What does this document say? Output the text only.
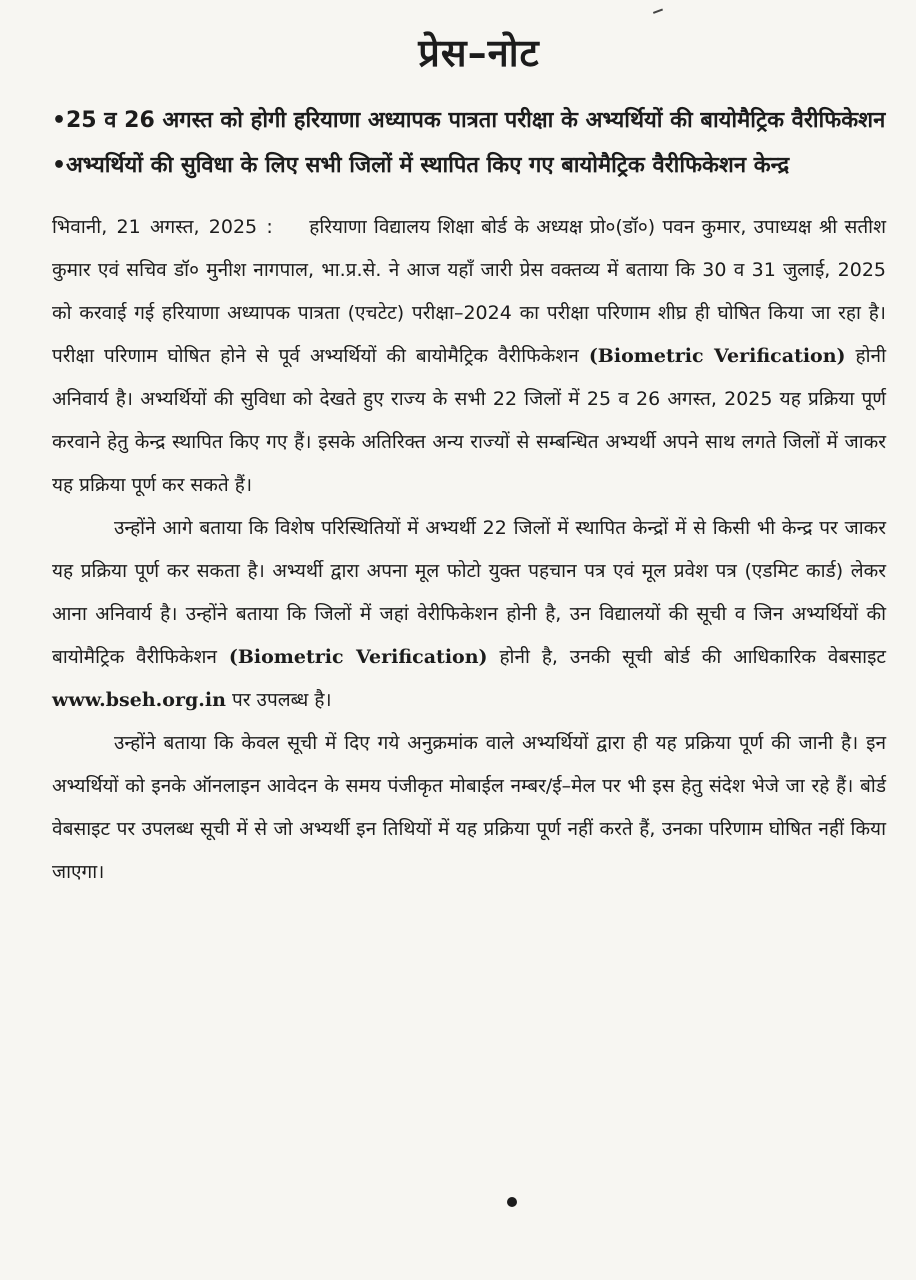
प्रेस–नोट

• 25 व 26 अगस्त को होगी हरियाणा अध्यापक पात्रता परीक्षा के अभ्यर्थियों की बायोमैट्रिक वैरीफिकेशन

• अभ्यर्थियों की सुविधा के लिए सभी जिलों में स्थापित किए गए बायोमैट्रिक वैरीफिकेशन केन्द्र

भिवानी, 21 अगस्त, 2025 : हरियाणा विद्यालय शिक्षा बोर्ड के अध्यक्ष प्रो०(डॉ०) पवन कुमार, उपाध्यक्ष श्री सतीश कुमार एवं सचिव डॉ० मुनीश नागपाल, भा.प्र.से. ने आज यहाँ जारी प्रेस वक्तव्य में बताया कि 30 व 31 जुलाई, 2025 को करवाई गई हरियाणा अध्यापक पात्रता (एचटेट) परीक्षा–2024 का परीक्षा परिणाम शीघ्र ही घोषित किया जा रहा है। परीक्षा परिणाम घोषित होने से पूर्व अभ्यर्थियों की बायोमैट्रिक वैरीफिकेशन (Biometric Verification) होनी अनिवार्य है। अभ्यर्थियों की सुविधा को देखते हुए राज्य के सभी 22 जिलों में 25 व 26 अगस्त, 2025 यह प्रक्रिया पूर्ण करवाने हेतु केन्द्र स्थापित किए गए हैं। इसके अतिरिक्त अन्य राज्यों से सम्बन्धित अभ्यर्थी अपने साथ लगते जिलों में जाकर यह प्रक्रिया पूर्ण कर सकते हैं।

उन्होंने आगे बताया कि विशेष परिस्थितियों में अभ्यर्थी 22 जिलों में स्थापित केन्द्रों में से किसी भी केन्द्र पर जाकर यह प्रक्रिया पूर्ण कर सकता है। अभ्यर्थी द्वारा अपना मूल फोटो युक्त पहचान पत्र एवं मूल प्रवेश पत्र (एडमिट कार्ड) लेकर आना अनिवार्य है। उन्होंने बताया कि जिलों में जहां वेरीफिकेशन होनी है, उन विद्यालयों की सूची व जिन अभ्यर्थियों की बायोमैट्रिक वैरीफिकेशन (Biometric Verification) होनी है, उनकी सूची बोर्ड की आधिकारिक वेबसाइट www.bseh.org.in पर उपलब्ध है।

उन्होंने बताया कि केवल सूची में दिए गये अनुक्रमांक वाले अभ्यर्थियों द्वारा ही यह प्रक्रिया पूर्ण की जानी है। इन अभ्यर्थियों को इनके ऑनलाइन आवेदन के समय पंजीकृत मोबाईल नम्बर/ई–मेल पर भी इस हेतु संदेश भेजे जा रहे हैं। बोर्ड वेबसाइट पर उपलब्ध सूची में से जो अभ्यर्थी इन तिथियों में यह प्रक्रिया पूर्ण नहीं करते हैं, उनका परिणाम घोषित नहीं किया जाएगा।
